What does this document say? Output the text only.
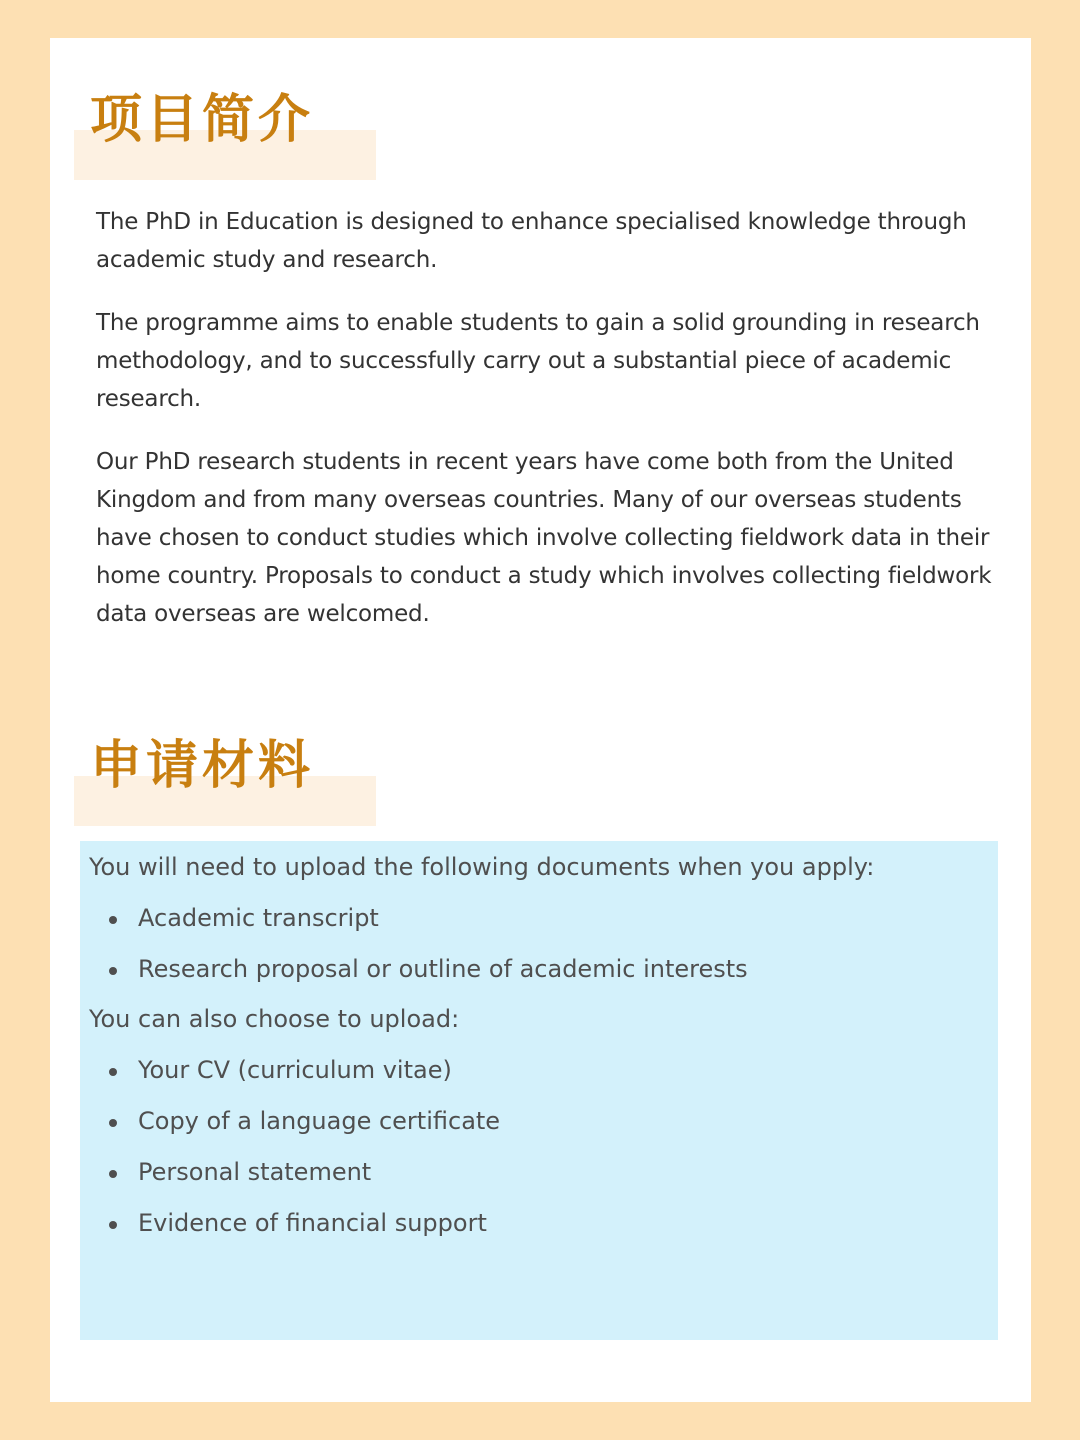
项目简介

The PhD in Education is designed to enhance specialised knowledge through academic study and research.

The programme aims to enable students to gain a solid grounding in research methodology, and to successfully carry out a substantial piece of academic research.

Our PhD research students in recent years have come both from the United Kingdom and from many overseas countries. Many of our overseas students have chosen to conduct studies which involve collecting fieldwork data in their home country. Proposals to conduct a study which involves collecting fieldwork data overseas are welcomed.

申请材料

You will need to upload the following documents when you apply:

Academic transcript
Research proposal or outline of academic interests

You can also choose to upload:

Your CV (curriculum vitae)
Copy of a language certificate
Personal statement
Evidence of financial support
